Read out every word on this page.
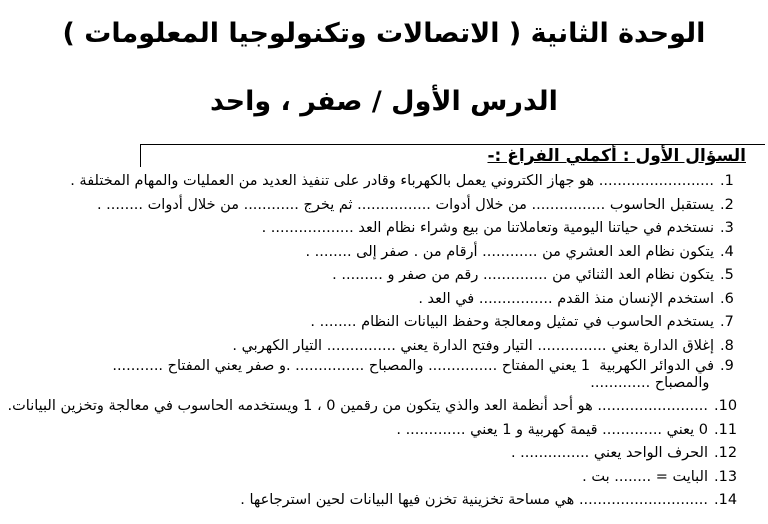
الوحدة الثانية ( الاتصالات وتكنولوجيا المعلومات )
الدرس الأول / صفر ، واحد
السؤال الأول : أكملي الفراغ :-
.1
......................... هو جهاز الكتروني يعمل بالكهرباء وقادر على تنفيذ العديد من العمليات والمهام المختلفة .
.2
يستقبل الحاسوب ................ من خلال أدوات ................ ثم يخرج ............ من خلال أدوات ........ .
.3
نستخدم في حياتنا اليومية وتعاملاتنا من بيع وشراء نظام العد .................. .
.4
يتكون نظام العد العشري من ............ أرقام من . صفر إلى ........ .
.5
يتكون نظام العد الثنائي من .............. رقم من صفر و ......... .
.6
استخدم الإنسان منذ القدم ................ في العد .
.7
يستخدم الحاسوب في تمثيل ومعالجة وحفظ البيانات النظام ........ .
.8
إغلاق الدارة يعني ............... التيار وفتح الدارة يعني ............... التيار الكهربي .
.9
في الدوائر الكهربية  1 يعني المفتاح ............... والمصباح ............... .و صفر يعني المفتاح ...........
والمصباح .............
.10
........................ هو أحد أنظمة العد والذي يتكون من رقمين 0 ، 1 ويستخدمه الحاسوب في معالجة وتخزين البيانات.
.11
0 يعني ............. قيمة كهربية و 1 يعني ............. .
.12
الحرف الواحد يعني ............... .
.13
البايت = ........ بت .
.14
............................ هي مساحة تخزينية تخزن فيها البيانات لحين استرجاعها .
